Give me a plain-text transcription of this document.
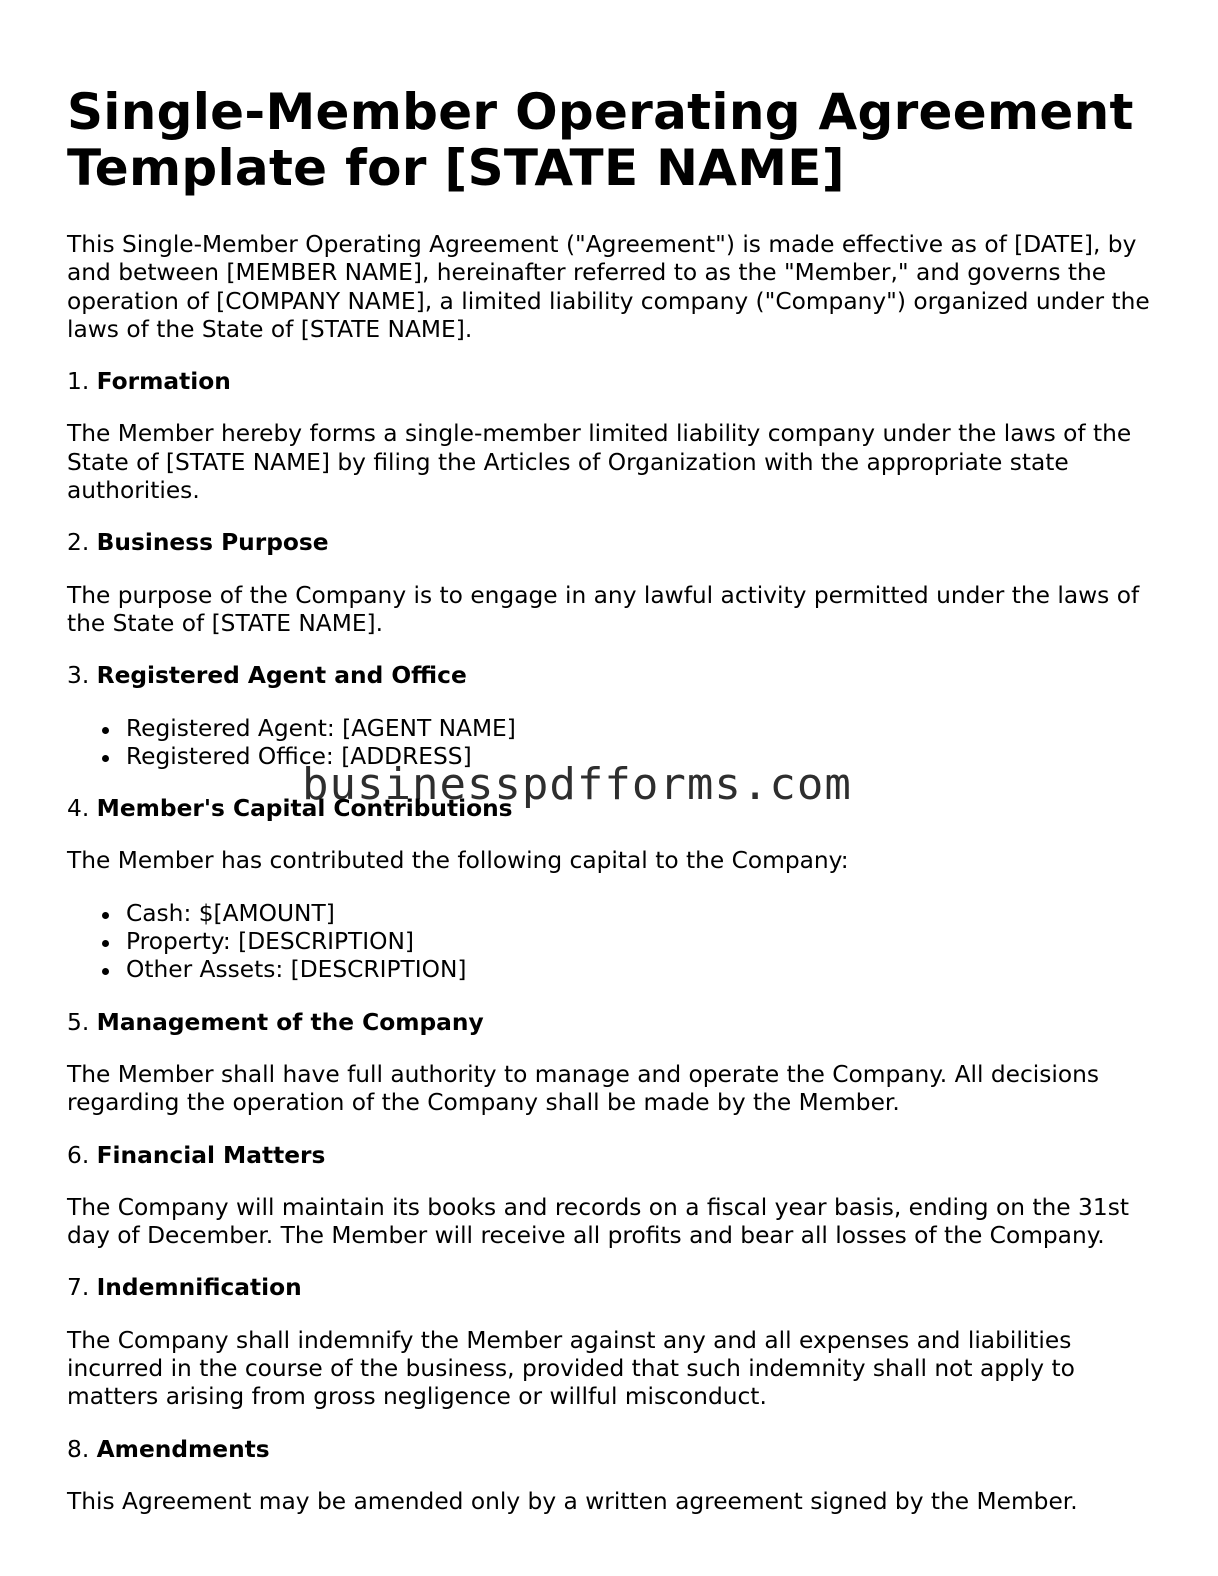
Single-Member Operating Agreement Template for [STATE NAME]

This Single-Member Operating Agreement ("Agreement") is made effective as of [DATE], by and between [MEMBER NAME], hereinafter referred to as the "Member," and governs the operation of [COMPANY NAME], a limited liability company ("Company") organized under the laws of the State of [STATE NAME].

1. Formation

The Member hereby forms a single-member limited liability company under the laws of the State of [STATE NAME] by filing the Articles of Organization with the appropriate state authorities.

2. Business Purpose

The purpose of the Company is to engage in any lawful activity permitted under the laws of the State of [STATE NAME].

3. Registered Agent and Office
Registered Agent: [AGENT NAME]
Registered Office: [ADDRESS]
4. Member's Capital Contributions

The Member has contributed the following capital to the Company:

Cash: $[AMOUNT]
Property: [DESCRIPTION]
Other Assets: [DESCRIPTION]
5. Management of the Company

The Member shall have full authority to manage and operate the Company. All decisions regarding the operation of the Company shall be made by the Member.

6. Financial Matters

The Company will maintain its books and records on a fiscal year basis, ending on the 31st day of December. The Member will receive all profits and bear all losses of the Company.

7. Indemnification

The Company shall indemnify the Member against any and all expenses and liabilities incurred in the course of the business, provided that such indemnity shall not apply to matters arising from gross negligence or willful misconduct.

8. Amendments

This Agreement may be amended only by a written agreement signed by the Member.

businesspdfforms.com
